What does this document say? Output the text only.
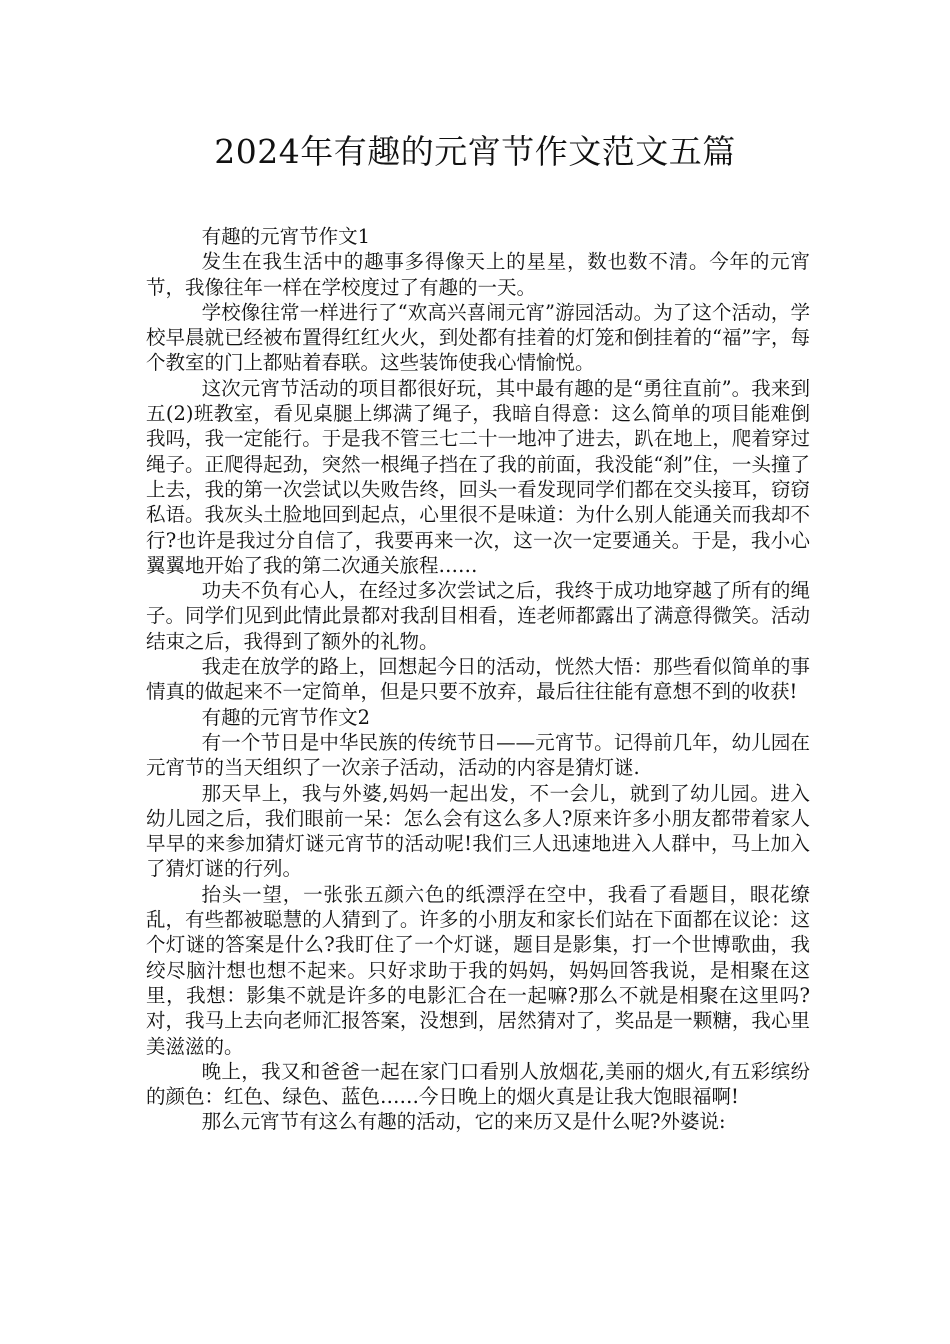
2024年有趣的元宵节作文范文五篇

有趣的元宵节作文1

发生在我生活中的趣事多得像天上的星星，数也数不清。今年的元宵节，我像往年一样在学校度过了有趣的一天。

学校像往常一样进行了“欢高兴喜闹元宵”游园活动。为了这个活动，学校早晨就已经被布置得红红火火，到处都有挂着的灯笼和倒挂着的“福”字，每个教室的门上都贴着春联。这些装饰使我心情愉悦。

这次元宵节活动的项目都很好玩，其中最有趣的是“勇往直前”。我来到五(2)班教室，看见桌腿上绑满了绳子，我暗自得意：这么简单的项目能难倒我吗，我一定能行。于是我不管三七二十一地冲了进去，趴在地上，爬着穿过绳子。正爬得起劲，突然一根绳子挡在了我的前面，我没能“刹”住，一头撞了上去，我的第一次尝试以失败告终，回头一看发现同学们都在交头接耳，窃窃私语。我灰头土脸地回到起点，心里很不是味道：为什么别人能通关而我却不行?也许是我过分自信了，我要再来一次，这一次一定要通关。于是，我小心翼翼地开始了我的第二次通关旅程……

功夫不负有心人，在经过多次尝试之后，我终于成功地穿越了所有的绳子。同学们见到此情此景都对我刮目相看，连老师都露出了满意得微笑。活动结束之后，我得到了额外的礼物。

我走在放学的路上，回想起今日的活动，恍然大悟：那些看似简单的事情真的做起来不一定简单，但是只要不放弃，最后往往能有意想不到的收获!

有趣的元宵节作文2

有一个节日是中华民族的传统节日——元宵节。记得前几年，幼儿园在元宵节的当天组织了一次亲子活动，活动的内容是猜灯谜.

那天早上，我与外婆,妈妈一起出发，不一会儿，就到了幼儿园。进入幼儿园之后，我们眼前一呆：怎么会有这么多人?原来许多小朋友都带着家人早早的来参加猜灯谜元宵节的活动呢!我们三人迅速地进入人群中，马上加入了猜灯谜的行列。

抬头一望，一张张五颜六色的纸漂浮在空中，我看了看题目，眼花缭乱，有些都被聪慧的人猜到了。许多的小朋友和家长们站在下面都在议论：这个灯谜的答案是什么?我盯住了一个灯谜，题目是影集，打一个世博歌曲，我绞尽脑汁想也想不起来。只好求助于我的妈妈，妈妈回答我说，是相聚在这里，我想：影集不就是许多的电影汇合在一起嘛?那么不就是相聚在这里吗?对，我马上去向老师汇报答案，没想到，居然猜对了，奖品是一颗糖，我心里美滋滋的。

晚上，我又和爸爸一起在家门口看别人放烟花,美丽的烟火,有五彩缤纷的颜色：红色、绿色、蓝色……今日晚上的烟火真是让我大饱眼福啊!

那么元宵节有这么有趣的活动，它的来历又是什么呢?外婆说:
